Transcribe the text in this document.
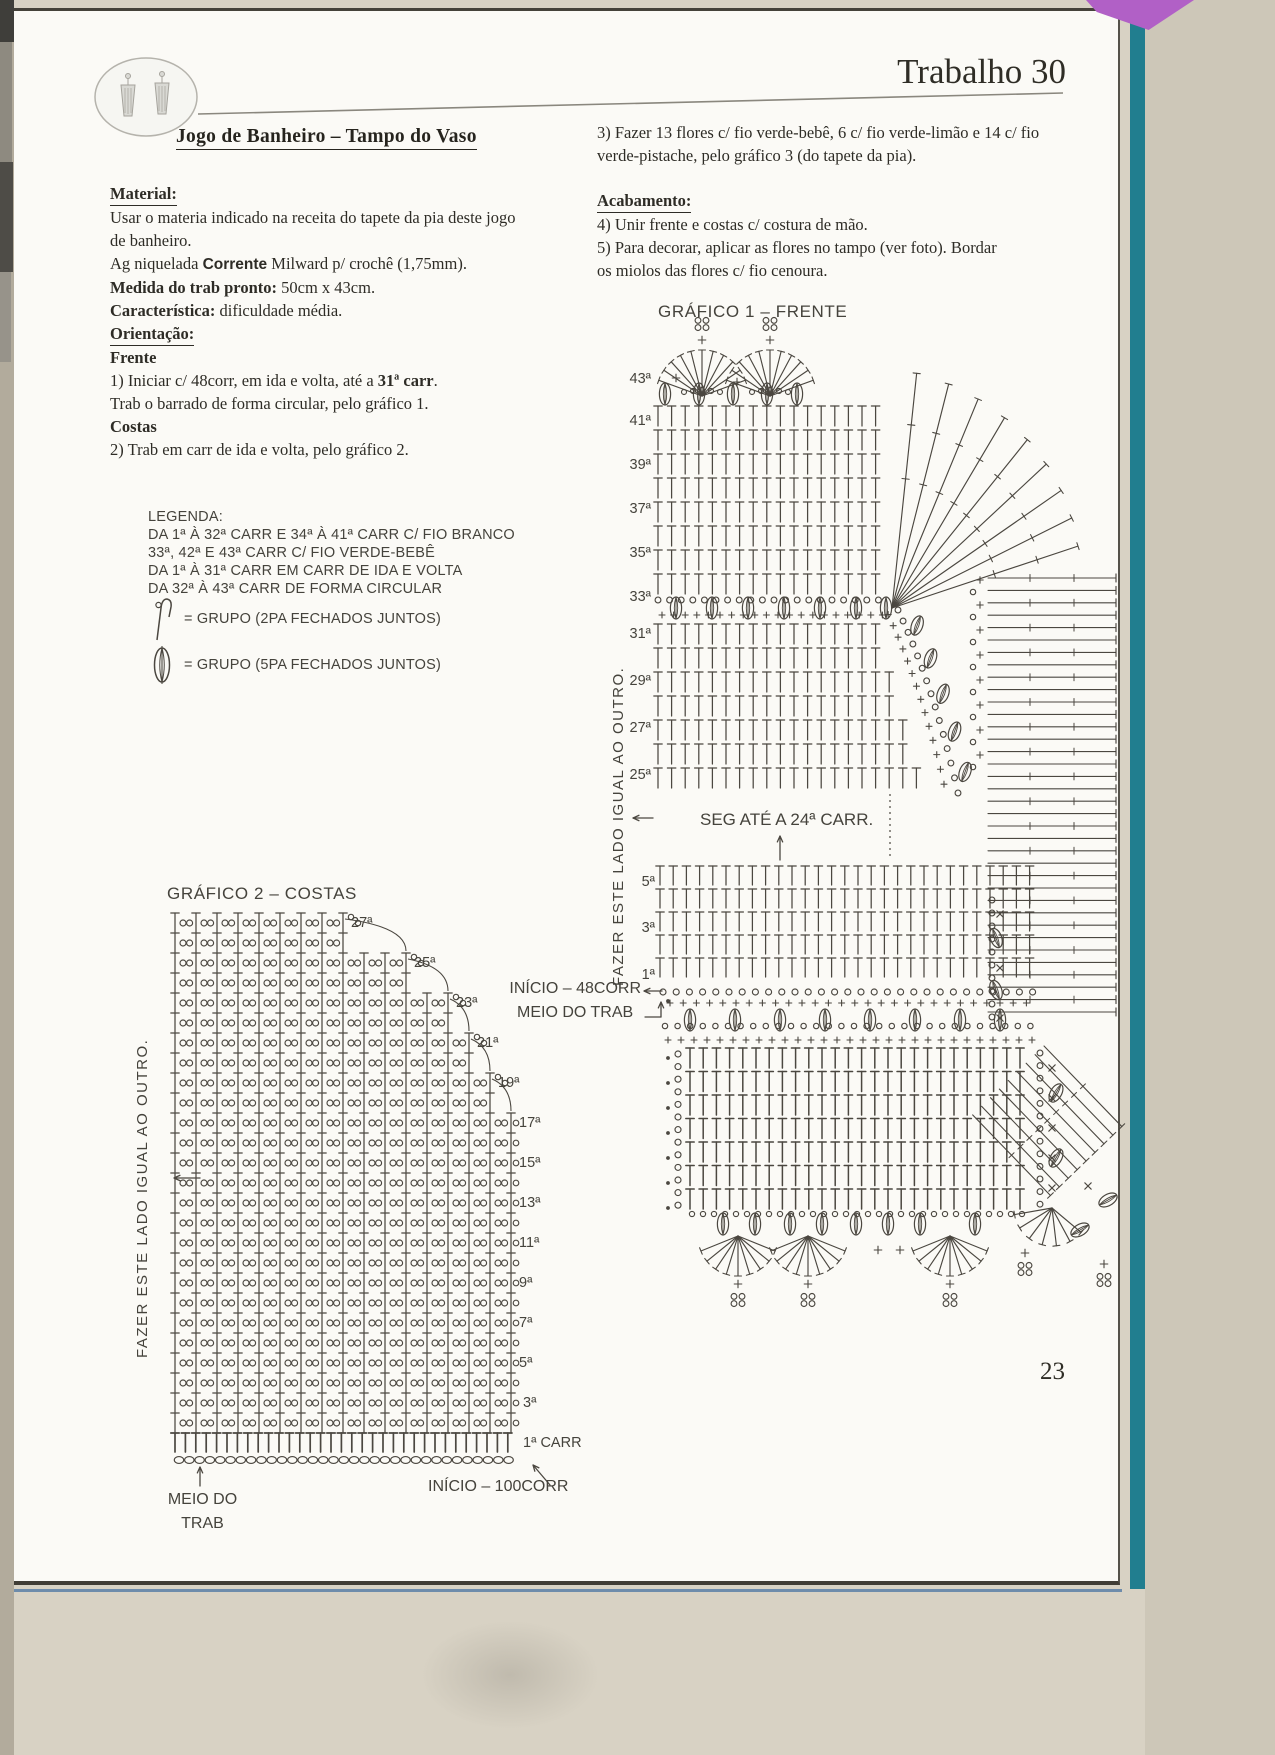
Trabalho 30
Jogo de Banheiro – Tampo do Vaso
Material:
Usar o materia indicado na receita do tapete da pia deste jogo
de banheiro.
Ag niquelada Corrente Milward p/ crochê (1,75mm).
Medida do trab pronto: 50cm x 43cm.
Característica: dificuldade média.
Orientação:
Frente
1) Iniciar c/ 48corr, em ida e volta, até a 31ª carr.
Trab o barrado de forma circular, pelo gráfico 1.
Costas
2) Trab em carr de ida e volta, pelo gráfico 2.
3) Fazer 13 flores c/ fio verde-bebê, 6 c/ fio verde-limão e 14 c/ fio
verde-pistache, pelo gráfico 3 (do tapete da pia).
Acabamento:
4) Unir frente e costas c/ costura de mão.
5) Para decorar, aplicar as flores no tampo (ver foto). Bordar
os miolos das flores c/ fio cenoura.
LEGENDA:
DA 1ª À 32ª CARR E 34ª À 41ª CARR C/ FIO BRANCO
33ª, 42ª E 43ª CARR C/ FIO VERDE-BEBÊ
DA 1ª À 31ª CARR EM CARR DE IDA E VOLTA
DA 32ª À 43ª CARR DE FORMA CIRCULAR
= GRUPO (2PA FECHADOS JUNTOS)
= GRUPO (5PA FECHADOS JUNTOS)
GRÁFICO 1 – FRENTE
43ª
41ª
39ª
37ª
35ª
33ª
31ª
29ª
27ª
25ª
5ª
3ª
1ª
FAZER ESTE LADO IGUAL AO OUTRO.	SEG ATÉ A 24ª CARR.
INÍCIO – 48CORR
MEIO DO TRAB
GRÁFICO 2 – COSTAS
27ª
25ª
23ª
21ª
19ª
17ª
15ª
13ª
11ª
9ª
7ª
5ª
3ª
1ª CARR
FAZER ESTE LADO IGUAL AO OUTRO.
MEIO DO
TRAB
INÍCIO – 100CORR
23
